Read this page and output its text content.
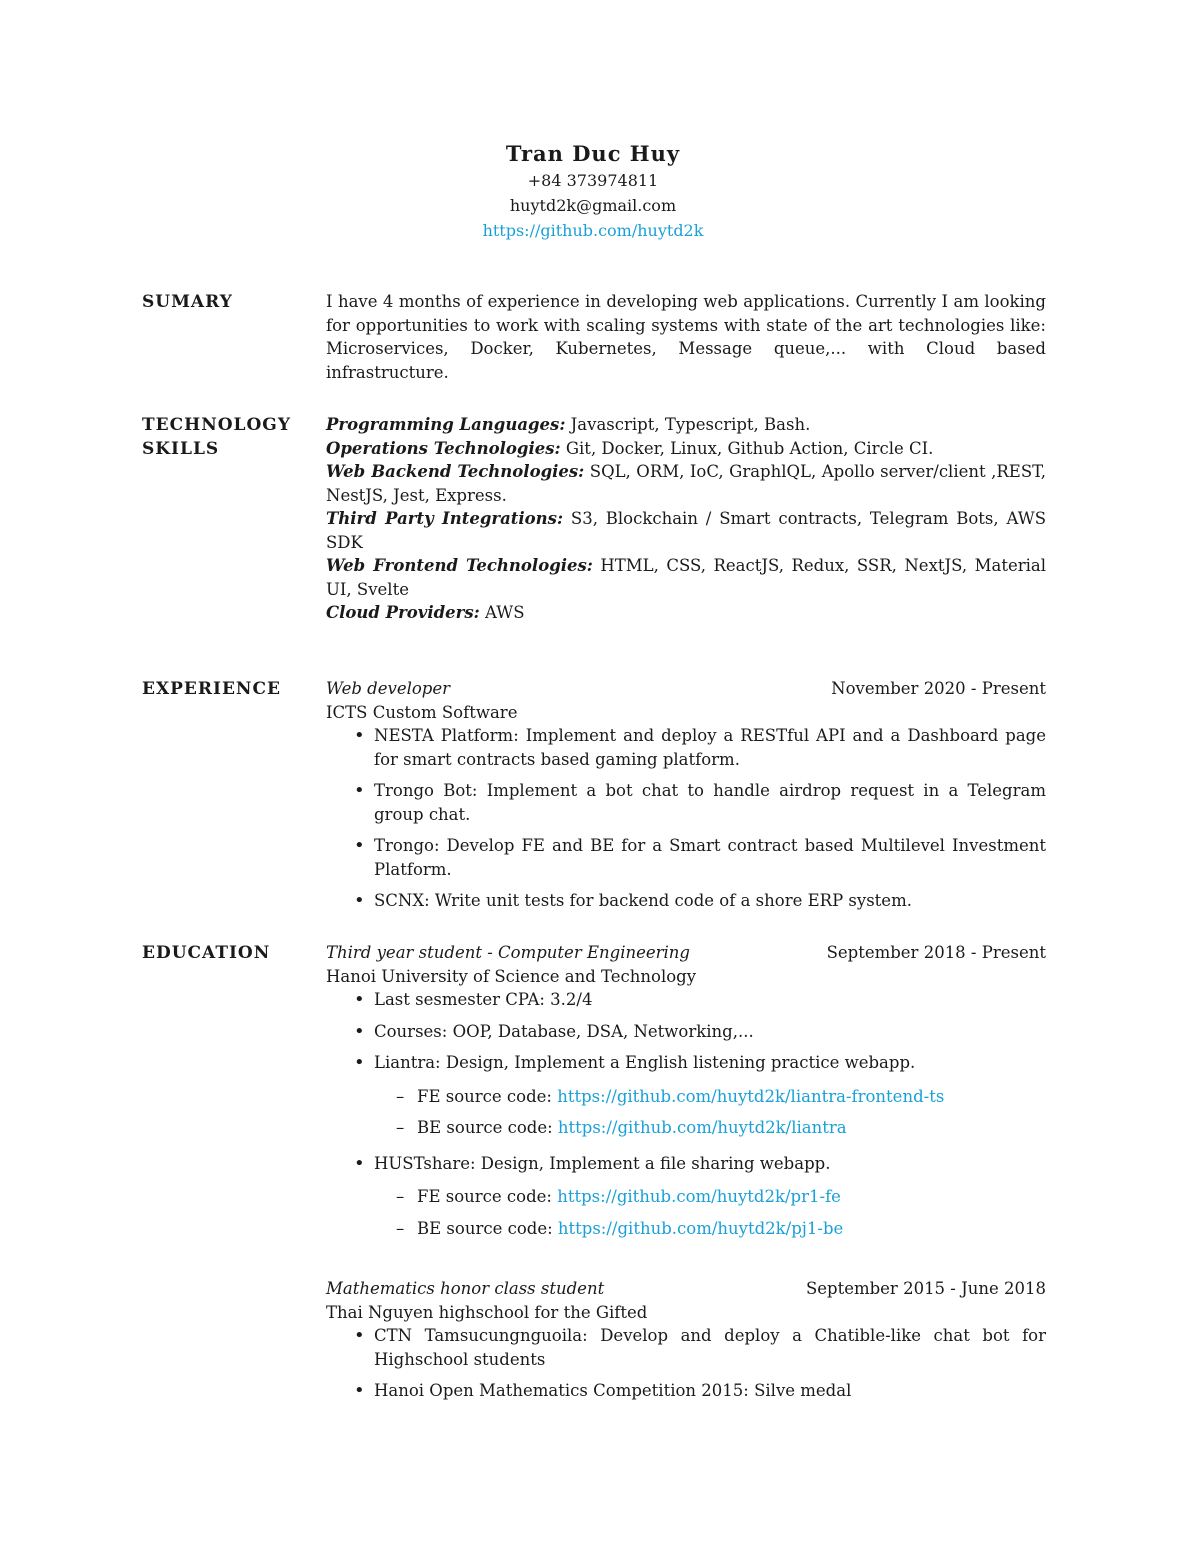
Tran Duc Huy
+84 373974811
huytd2k@gmail.com
https://github.com/huytd2k
SUMARY	I have 4 months of experience in developing web applications. Currently I am looking for opportunities to work with scaling systems with state of the art technologies like: Microservices, Docker, Kubernetes, Message queue,... with Cloud based infrastructure.
TECHNOLOGY
SKILLS
Programming Languages: Javascript, Typescript, Bash.
Operations Technologies: Git, Docker, Linux, Github Action, Circle CI.
Web Backend Technologies: SQL, ORM, IoC, GraphlQL, Apollo server/client ,REST, NestJS, Jest, Express.
Third Party Integrations: S3, Blockchain / Smart contracts, Telegram Bots, AWS SDK
Web Frontend Technologies: HTML, CSS, ReactJS, Redux, SSR, NextJS, Material UI, Svelte
Cloud Providers: AWS
EXPERIENCE	Web developer	November 2020 - Present
ICTS Custom Software
• NESTA Platform: Implement and deploy a RESTful API and a Dashboard page for smart contracts based gaming platform.
• Trongo Bot: Implement a bot chat to handle airdrop request in a Telegram group chat.
• Trongo: Develop FE and BE for a Smart contract based Multilevel Investment Platform.
• SCNX: Write unit tests for backend code of a shore ERP system.
EDUCATION	Third year student - Computer Engineering	September 2018 - Present
Hanoi University of Science and Technology
• Last sesmester CPA: 3.2/4
• Courses: OOP, Database, DSA, Networking,...
• Liantra: Design, Implement a English listening practice webapp.
– FE source code: https://github.com/huytd2k/liantra-frontend-ts
– BE source code: https://github.com/huytd2k/liantra
• HUSTshare: Design, Implement a file sharing webapp.
– FE source code: https://github.com/huytd2k/pr1-fe
– BE source code: https://github.com/huytd2k/pj1-be
Mathematics honor class student	September 2015 - June 2018
Thai Nguyen highschool for the Gifted
• CTN Tamsucungnguoila: Develop and deploy a Chatible-like chat bot for Highschool students
• Hanoi Open Mathematics Competition 2015: Silve medal
